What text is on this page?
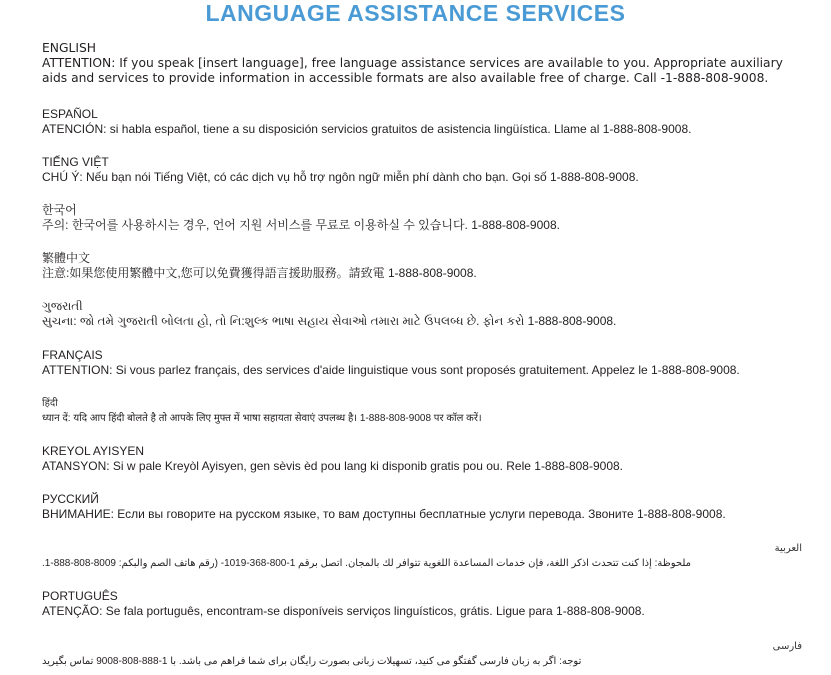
LANGUAGE ASSISTANCE SERVICES
ENGLISH
ATTENTION: If you speak [insert language], free language assistance services are available to you. Appropriate auxiliary aids and services to provide information in accessible formats are also available free of charge. Call -1-888-808-9008.
ESPAÑOL
ATENCIÓN: si habla español, tiene a su disposición servicios gratuitos de asistencia lingüística. Llame al 1-888-808-9008.
TIẾNG VIỆT
CHÚ Ý: Nếu bạn nói Tiếng Việt, có các dịch vụ hỗ trợ ngôn ngữ miễn phí dành cho bạn. Gọi số 1-888-808-9008.
한국어
주의: 한국어를 사용하시는 경우, 언어 지원 서비스를 무료로 이용하실 수 있습니다. 1-888-808-9008.
繁體中文
注意:如果您使用繁體中文,您可以免費獲得語言援助服務。請致電 1-888-808-9008.
ગુજરાતી
સુચના: જો તમે ગુજરાતી બોલતા હો, તો નિ:શુલ્ક ભાષા સહાય સેવાઓ તમારા માટે ઉપલબ્ધ છે. ફોન કરો 1-888-808-9008.
FRANÇAIS
ATTENTION: Si vous parlez français, des services d'aide linguistique vous sont proposés gratuitement. Appelez le 1-888-808-9008.
हिंदी
ध्यान दें: यदि आप हिंदी बोलते है तो आपके लिए मुफ्त में भाषा सहायता सेवाएं उपलब्ध है। 1-888-808-9008 पर कॉल करें।
KREYOL AYISYEN
ATANSYON: Si w pale Kreyòl Ayisyen, gen sèvis èd pou lang ki disponib gratis pou ou. Rele 1-888-808-9008.
РУССКИЙ
ВНИМАНИЕ: Если вы говорите на русском языке, то вам доступны бесплатные услуги перевода. Звоните 1-888-808-9008.
العربية
ملحوظة: إذا كنت تتحدث اذكر اللغة، فإن خدمات المساعدة اللغوية تتوافر لك بالمجان. اتصل برقم 1-800-368-1019- (رقم هاتف الصم والبكم: 8009-808-888-1.
PORTUGUÊS
ATENÇÃO: Se fala português, encontram-se disponíveis serviços linguísticos, grátis. Ligue para 1-888-808-9008.
فارسی
توجه: اگر به زبان فارسی گفتگو می کنید، تسهیلات زبانی بصورت رایگان برای شما فراهم می باشد. با 1-888-808-9008 تماس بگیرید
